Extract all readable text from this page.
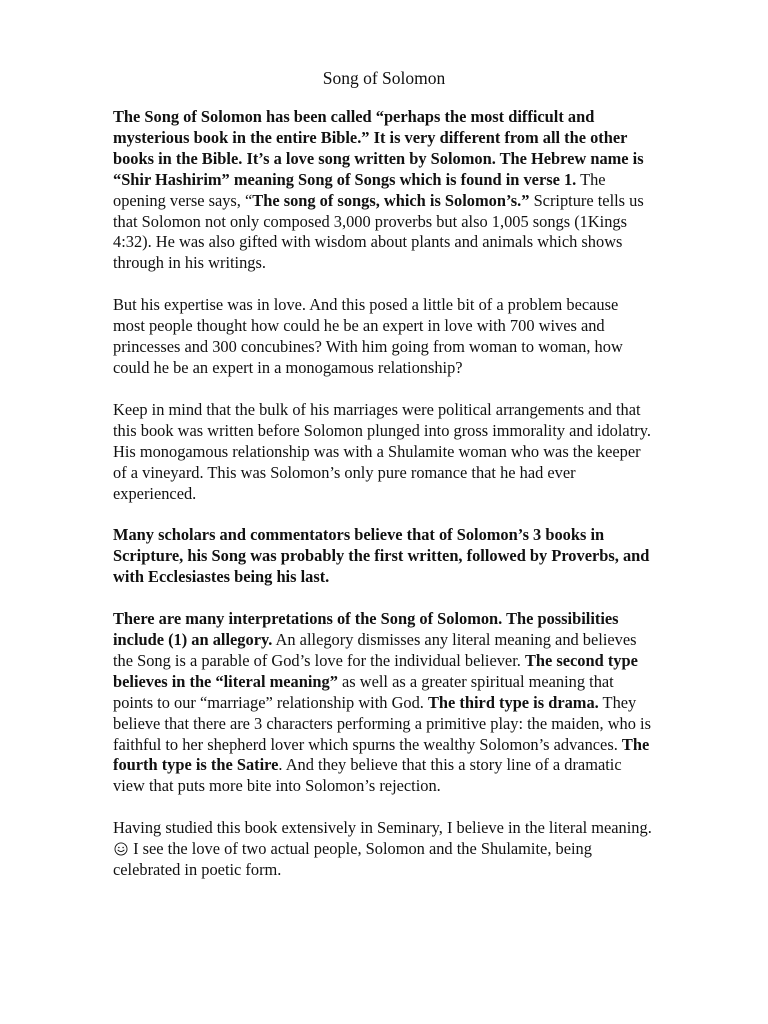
Song of Solomon

The Song of Solomon has been called “perhaps the most difficult and mysterious book in the entire Bible.” It is very different from all the other books in the Bible. It’s a love song written by Solomon. The Hebrew name is “Shir Hashirim” meaning Song of Songs which is found in verse 1. The opening verse says, “The song of songs, which is Solomon’s.” Scripture tells us that Solomon not only composed 3,000 proverbs but also 1,005 songs (1Kings 4:32). He was also gifted with wisdom about plants and animals which shows through in his writings.

But his expertise was in love. And this posed a little bit of a problem because most people thought how could he be an expert in love with 700 wives and princesses and 300 concubines? With him going from woman to woman, how could he be an expert in a monogamous relationship?

Keep in mind that the bulk of his marriages were political arrangements and that this book was written before Solomon plunged into gross immorality and idolatry. His monogamous relationship was with a Shulamite woman who was the keeper of a vineyard. This was Solomon’s only pure romance that he had ever experienced.

Many scholars and commentators believe that of Solomon’s 3 books in Scripture, his Song was probably the first written, followed by Proverbs, and with Ecclesiastes being his last.

There are many interpretations of the Song of Solomon. The possibilities include (1) an allegory. An allegory dismisses any literal meaning and believes the Song is a parable of God’s love for the individual believer. The second type believes in the “literal meaning” as well as a greater spiritual meaning that points to our “marriage” relationship with God. The third type is drama. They believe that there are 3 characters performing a primitive play: the maiden, who is faithful to her shepherd lover which spurns the wealthy Solomon’s advances. The fourth type is the Satire. And they believe that this a story line of a dramatic view that puts more bite into Solomon’s rejection.

Having studied this book extensively in Seminary, I believe in the literal meaning.  I see the love of two actual people, Solomon and the Shulamite, being celebrated in poetic form.
